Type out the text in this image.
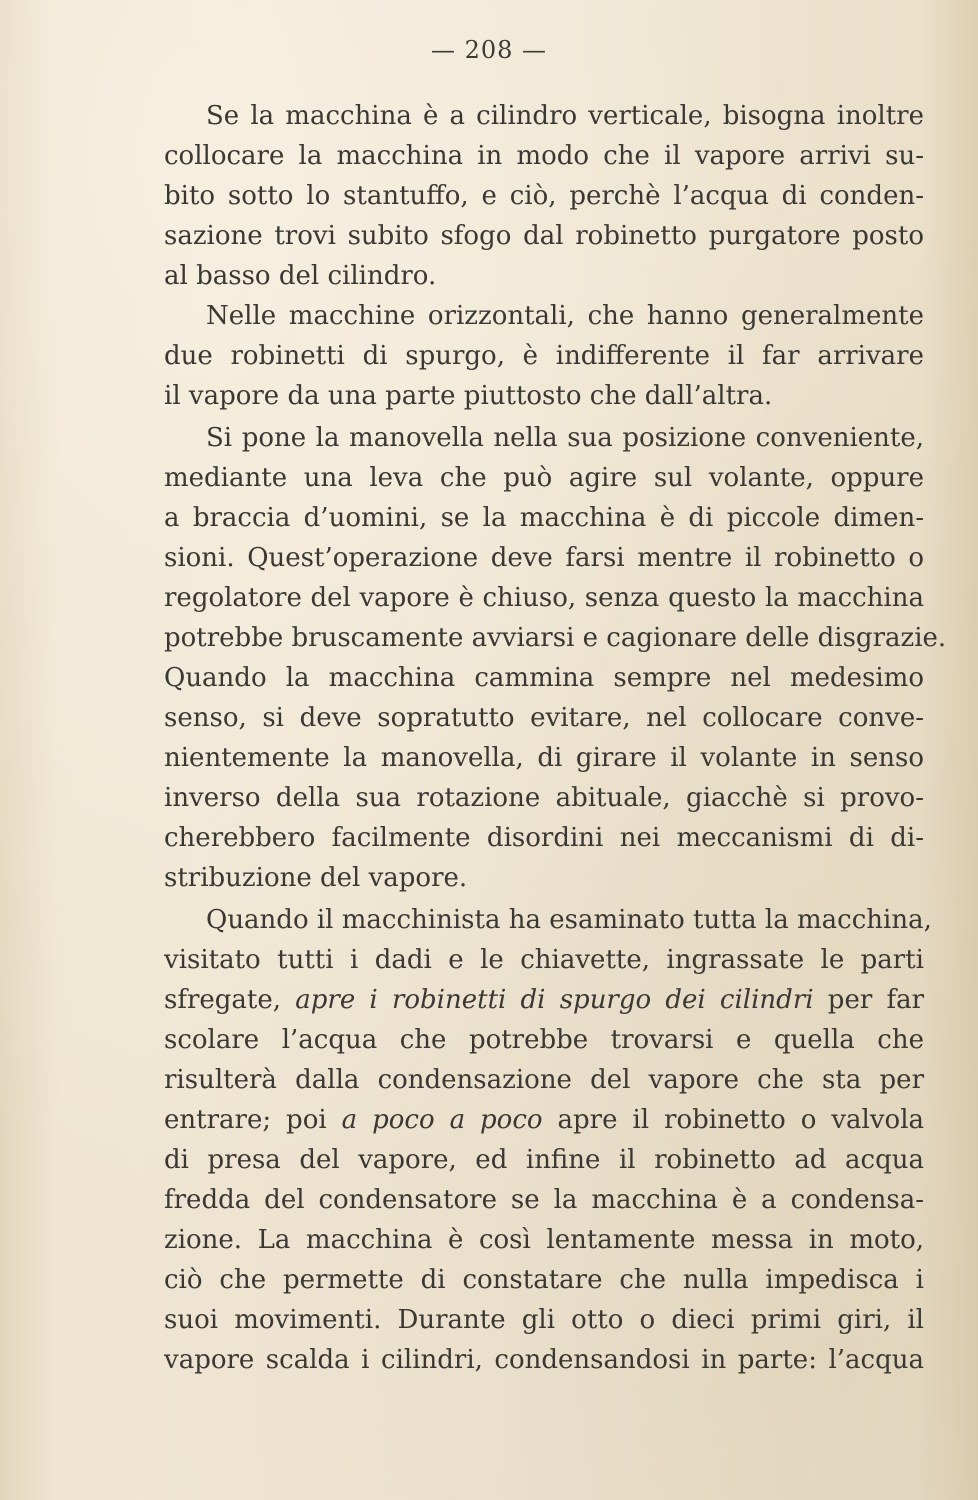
— 208 —
Se la macchina è a cilindro verticale, bisogna inoltre
collocare la macchina in modo che il vapore arrivi su-
bito sotto lo stantuffo, e ciò, perchè l’acqua di conden-
sazione trovi subito sfogo dal robinetto purgatore posto
al basso del cilindro.
Nelle macchine orizzontali, che hanno generalmente
due robinetti di spurgo, è indifferente il far arrivare
il vapore da una parte piuttosto che dall’altra.
Si pone la manovella nella sua posizione conveniente,
mediante una leva che può agire sul volante, oppure
a braccia d’uomini, se la macchina è di piccole dimen-
sioni. Quest’operazione deve farsi mentre il robinetto o
regolatore del vapore è chiuso, senza questo la macchina
potrebbe bruscamente avviarsi e cagionare delle disgrazie.
Quando la macchina cammina sempre nel medesimo
senso, si deve sopratutto evitare, nel collocare conve-
nientemente la manovella, di girare il volante in senso
inverso della sua rotazione abituale, giacchè si provo-
cherebbero facilmente disordini nei meccanismi di di-
stribuzione del vapore.
Quando il macchinista ha esaminato tutta la macchina,
visitato tutti i dadi e le chiavette, ingrassate le parti
sfregate, apre i robinetti di spurgo dei cilindri per far
scolare l’acqua che potrebbe trovarsi e quella che
risulterà dalla condensazione del vapore che sta per
entrare; poi a poco a poco apre il robinetto o valvola
di presa del vapore, ed infine il robinetto ad acqua
fredda del condensatore se la macchina è a condensa-
zione. La macchina è così lentamente messa in moto,
ciò che permette di constatare che nulla impedisca i
suoi movimenti. Durante gli otto o dieci primi giri, il
vapore scalda i cilindri, condensandosi in parte: l’acqua
